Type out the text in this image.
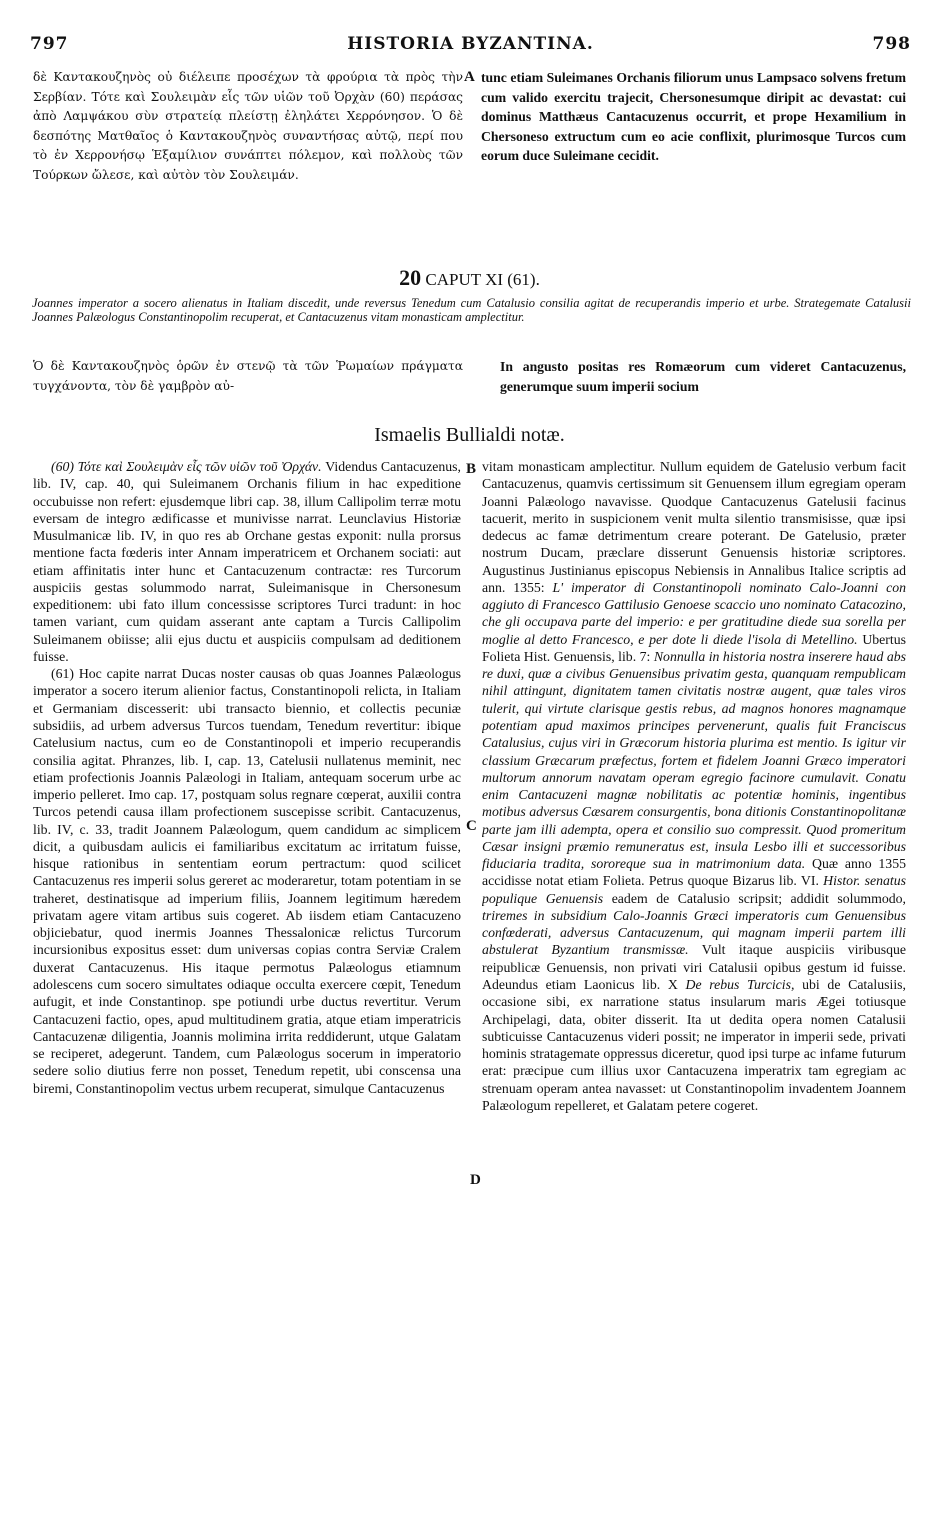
797	HISTORIA BYZANTINA.	798

δὲ Καντακουζηνὸς οὐ διέλειπε προσέχων τὰ φρούρια τὰ πρὸς τὴν Σερβίαν. Τότε καὶ Σουλειμὰν εἷς τῶν υἱῶν τοῦ Ὀρχὰν (60) περάσας ἀπὸ Λαμψάκου σὺν στρατείᾳ πλείστῃ ἐληλάτει Χερρόνησον. Ὁ δὲ δεσπότης Ματθαῖος ὁ Καντακουζηνὸς συναντήσας αὐτῷ, περί που τὸ ἐν Χερρονήσῳ Ἑξαμίλιον συνάπτει πόλεμον, καὶ πολλοὺς τῶν Τούρκων ὤλεσε, καὶ αὐτὸν τὸν Σουλειμάν.

A tunc etiam Suleimanes Orchanis filiorum unus Lampsaco solvens fretum cum valido exercitu trajecit, Chersonesumque diripit ac devastat: cui dominus Matthæus Cantacuzenus occurrit, et prope Hexamilium in Chersoneso extructum cum eo acie conflixit, plurimosque Turcos cum eorum duce Suleimane cecidit.

20 CAPUT XI (61).
Joannes imperator a socero alienatus in Italiam discedit, unde reversus Tenedum cum Catalusio consilia agitat de recuperandis imperio et urbe. Strategemate Catalusii Joannes Palæologus Constantinopolim recuperat, et Cantacuzenus vitam monasticam amplectitur.

Ὁ δὲ Καντακουζηνὸς ὁρῶν ἐν στενῷ τὰ τῶν Ῥωμαίων πράγματα τυγχάνοντα, τὸν δὲ γαμβρὸν αὐ-

In angusto positas res Romæorum cum videret Cantacuzenus, generumque suum imperii socium

Ismaelis Bullialdi notæ.

(60) Τότε καὶ Σουλειμὰν εἷς τῶν υἱῶν τοῦ Ὀρχάν. Videndus Cantacuzenus, lib. IV, cap. 40, qui Suleimanem Orchanis filium in hac expeditione occubuisse non refert: ejusdemque libri cap. 38, illum Callipolim terræ motu eversam de integro ædificasse et munivisse narrat. Leunclavius Historiæ Musulmanicæ lib. IV, in quo res ab Orchane gestas exponit: nulla prorsus mentione facta fœderis inter Annam imperatricem et Orchanem sociati: aut etiam affinitatis inter hunc et Cantacuzenum contractæ: res Turcorum auspiciis gestas solummodo narrat, Suleimanisque in Chersonesum expeditionem: ubi fato illum concessisse scriptores Turci tradunt: in hoc tamen variant, cum quidam asserant ante captam a Turcis Callipolim Suleimanem obiisse; alii ejus ductu et auspiciis compulsam ad deditionem fuisse.

(61) Hoc capite narrat Ducas noster causas ob quas Joannes Palæologus imperator a socero iterum alienior factus, Constantinopoli relicta, in Italiam et Germaniam discesserit: ubi transacto biennio, et collectis pecuniæ subsidiis, ad urbem adversus Turcos tuendam, Tenedum revertitur: ibique Catelusium nactus, cum eo de Constantinopoli et imperio recuperandis consilia agitat. Phranzes, lib. I, cap. 13, Catelusii nullatenus meminit, nec etiam profectionis Joannis Palæologi in Italiam, antequam socerum urbe ac imperio pelleret. Imo cap. 17, postquam solus regnare cœperat, auxilii contra Turcos petendi causa illam profectionem suscepisse scribit. Cantacuzenus, lib. IV, c. 33, tradit Joannem Palæologum, quem candidum ac simplicem dicit, a quibusdam aulicis ei familiaribus excitatum ac irritatum fuisse, hisque rationibus in sententiam eorum pertractum: quod scilicet Cantacuzenus res imperii solus gereret ac moderaretur, totam potentiam in se traheret, destinatisque ad imperium filiis, Joannem legitimum hæredem privatam agere vitam artibus suis cogeret. Ab iisdem etiam Cantacuzeno objiciebatur, quod inermis Joannes Thessalonicæ relictus Turcorum incursionibus expositus esset: dum universas copias contra Serviæ Cralem duxerat Cantacuzenus. His itaque permotus Palæologus etiamnum adolescens cum socero simultates odiaque occulta exercere cœpit, Tenedum aufugit, et inde Constantinop. spe potiundi urbe ductus revertitur. Verum Cantacuzeni factio, opes, apud multitudinem gratia, atque etiam imperatricis Cantacuzenæ diligentia, Joannis molimina irrita reddiderunt, utque Galatam se reciperet, adegerunt. Tandem, cum Palæologus socerum in imperatorio sedere solio diutius ferre non posset, Tenedum repetit, ubi conscensa una biremi, Constantinopolim vectus urbem recuperat, simulque Cantacuzenus

B
C
D

vitam monasticam amplectitur. Nullum equidem de Gatelusio verbum facit Cantacuzenus, quamvis certissimum sit Genuensem illum egregiam operam Joanni Palæologo navavisse. Quodque Cantacuzenus Gatelusii facinus tacuerit, merito in suspicionem venit multa silentio transmisisse, quæ ipsi dedecus ac famæ detrimentum creare poterant. De Gatelusio, præter nostrum Ducam, præclare disserunt Genuensis historiæ scriptores. Augustinus Justinianus episcopus Nebiensis in Annalibus Italice scriptis ad ann. 1355: L' imperator di Constantinopoli nominato Calo-Joanni con aggiuto di Francesco Gattilusio Genoese scaccio uno nominato Catacozino, che gli occupava parte del imperio: e per gratitudine diede sua sorella per moglie al detto Francesco, e per dote li diede l'isola di Metellino. Ubertus Folieta Hist. Genuensis, lib. 7: Nonnulla in historia nostra inserere haud abs re duxi, quæ a civibus Genuensibus privatim gesta, quanquam rempublicam nihil attingunt, dignitatem tamen civitatis nostræ augent, quæ tales viros tulerit, qui virtute clarisque gestis rebus, ad magnos honores magnamque potentiam apud maximos principes pervenerunt, qualis fuit Franciscus Catalusius, cujus viri in Græcorum historia plurima est mentio. Is igitur vir classium Græcarum præfectus, fortem et fidelem Joanni Græco imperatori multorum annorum navatam operam egregio facinore cumulavit. Conatu enim Cantacuzeni magnæ nobilitatis ac potentiæ hominis, ingentibus motibus adversus Cæsarem consurgentis, bona ditionis Constantinopolitanæ parte jam illi adempta, opera et consilio suo compressit. Quod promeritum Cæsar insigni præmio remuneratus est, insula Lesbo illi et successoribus fiduciaria tradita, sororeque sua in matrimonium data. Quæ anno 1355 accidisse notat etiam Folieta. Petrus quoque Bizarus lib. VI. Histor. senatus populique Genuensis eadem de Catalusio scripsit; addidit solummodo, triremes in subsidium Calo-Joannis Græci imperatoris cum Genuensibus confœderati, adversus Cantacuzenum, qui magnam imperii partem illi abstulerat Byzantium transmissæ. Vult itaque auspiciis viribusque reipublicæ Genuensis, non privati viri Catalusii opibus gestum id fuisse. Adeundus etiam Laonicus lib. X De rebus Turcicis, ubi de Catalusiis, occasione sibi, ex narratione status insularum maris Ægei totiusque Archipelagi, data, obiter disserit. Ita ut dedita opera nomen Catalusii subticuisse Cantacuzenus videri possit; ne imperator in imperii sede, privati hominis stratagemate oppressus diceretur, quod ipsi turpe ac infame futurum erat: præcipue cum illius uxor Cantacuzena imperatrix tam egregiam ac strenuam operam antea navasset: ut Constantinopolim invadentem Joannem Palæologum repelleret, et Galatam petere cogeret.
